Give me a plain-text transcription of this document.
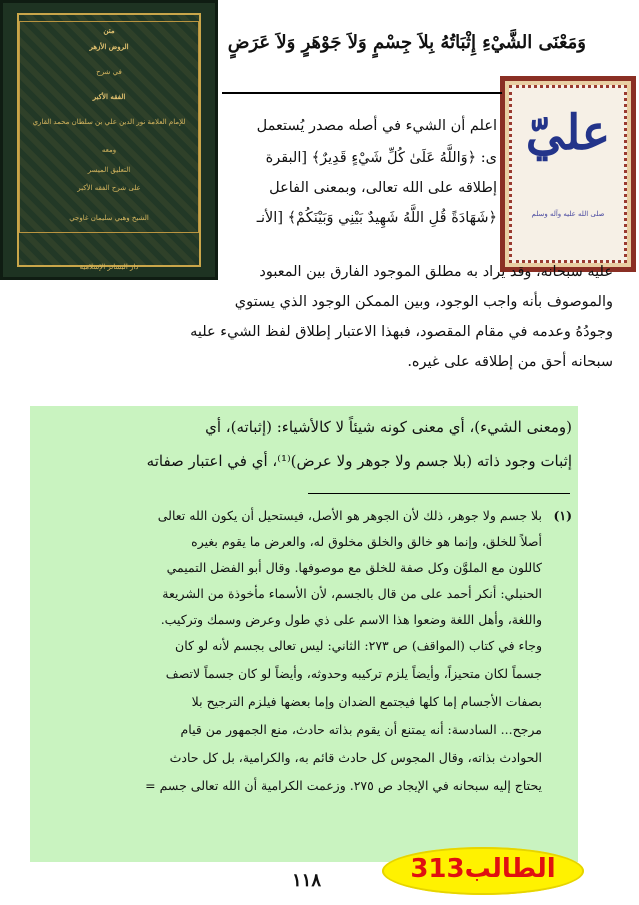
متن
الروض الأزهر
في شرح
الفقه الأكبر
للإمام العلامة نور الدين علي بن سلطان محمد القاري
ومعه
التعليق الميسر
على شرح الفقه الأكبر
الشيخ وهبي سليمان غاوجي
دار البشائر الإسلامية
عليّ
صلى الله عليه وآله وسلم
وَمَعْنَى الشَّيْءِ إِثْبَاتُهُ بِلاَ جِسْمٍ وَلاَ جَوْهَرٍ وَلاَ عَرَضٍ
اعلم أن الشيء في أصله مصدر يُستعمل
ى: ﴿وَاللَّهُ عَلَىٰ كُلِّ شَيْءٍ قَدِيرٌ﴾ [البقرة
إطلاقه على الله تعالى، وبمعنى الفاعل
﴿شَهَادَةً قُلِ اللَّهُ شَهِيدٌ بَيْنِي وَبَيْنَكُمْ﴾ [الأنـ
عليه سبحانه، وقد يراد به مطلق الموجود الفارق بين المعبود
والموصوف بأنه واجب الوجود، وبين الممكن الوجود الذي يستوي
وجودُهُ وعدمه في مقام المقصود، فبهذا الاعتبار إطلاق لفظ الشيء عليه
سبحانه أحق من إطلاقه على غيره.
(ومعنى الشيء)، أي معنى كونه شيئاً لا كالأشياء: (إثباته)، أي
إثبات وجود ذاته (بلا جسم ولا جوهر ولا عرض)⁽¹⁾، أي في اعتبار صفاته
(١)
بلا جسم ولا جوهر، ذلك لأن الجوهر هو الأصل، فيستحيل أن يكون الله تعالى
أصلاً للخلق، وإنما هو خالق والخلق مخلوق له، والعرض ما يقوم بغيره
كاللون مع الملوَّن وكل صفة للخلق مع موصوفها. وقال أبو الفضل التميمي
الحنبلي: أنكر أحمد على من قال بالجسم، لأن الأسماء مأخوذة من الشريعة
واللغة، وأهل اللغة وضعوا هذا الاسم على ذي طول وعرض وسمك وتركيب.
وجاء في كتاب (المواقف) ص ٢٧٣: الثاني: ليس تعالى بجسم لأنه لو كان
جسماً لكان متحيزاً، وأيضاً يلزم تركيبه وحدوثه، وأيضاً لو كان جسماً لاتصف
بصفات الأجسام إما كلها فيجتمع الضدان وإما بعضها فيلزم الترجيح بلا
مرجح... السادسة: أنه يمتنع أن يقوم بذاته حادث، منع الجمهور من قيام
الحوادث بذاته، وقال المجوس كل حادث قائم به، والكرامية، بل كل حادث
يحتاج إليه سبحانه في الإيجاد ص ٢٧٥. وزعمت الكرامية أن الله تعالى جسم =
١١٨	الطالب313
